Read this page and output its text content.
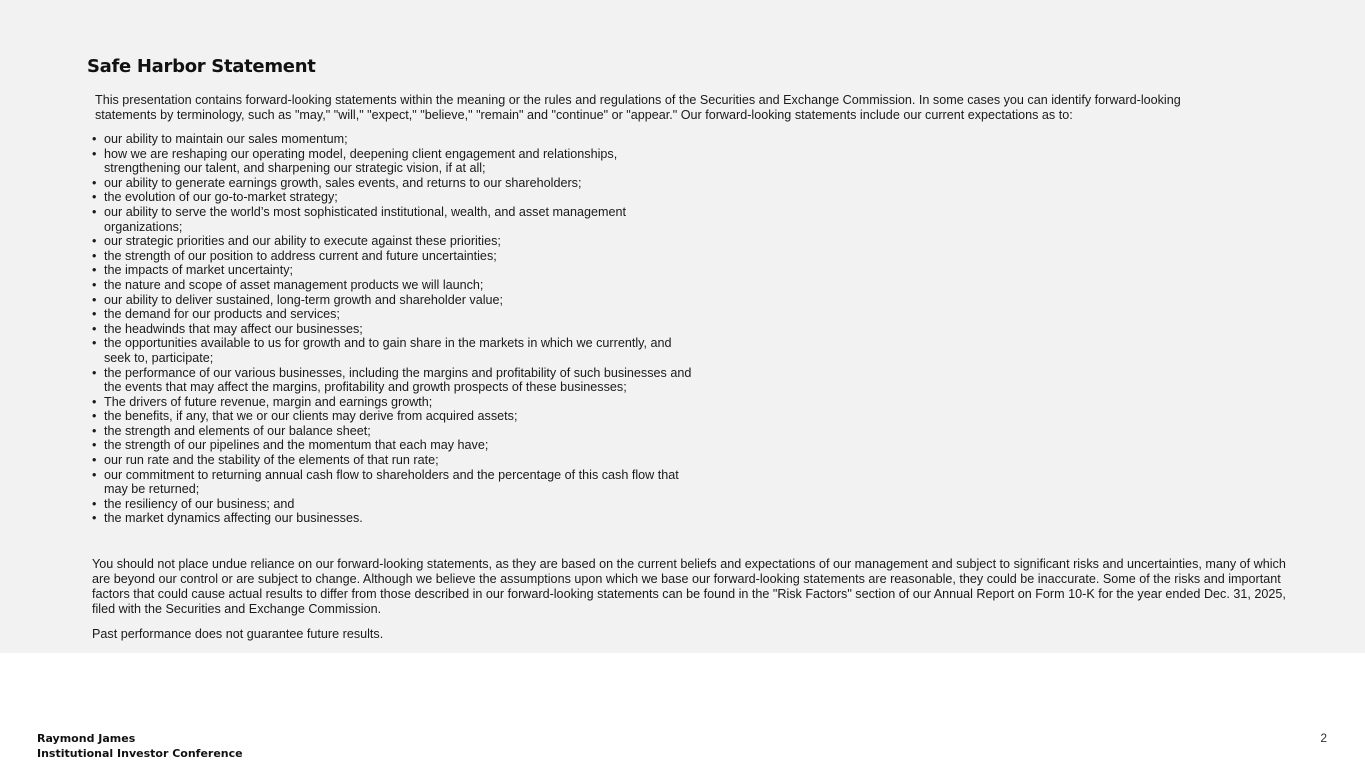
Safe Harbor Statement

This presentation contains forward-looking statements within the meaning or the rules and regulations of the Securities and Exchange Commission. In some cases you can identify forward-looking statements by terminology, such as "may," "will," "expect," "believe," "remain" and "continue" or "appear." Our forward-looking statements include our current expectations as to:

• our ability to maintain our sales momentum;
• how we are reshaping our operating model, deepening client engagement and relationships, strengthening our talent, and sharpening our strategic vision, if at all;
• our ability to generate earnings growth, sales events, and returns to our shareholders;
• the evolution of our go-to-market strategy;
• our ability to serve the world’s most sophisticated institutional, wealth, and asset management organizations;
• our strategic priorities and our ability to execute against these priorities;
• the strength of our position to address current and future uncertainties;
• the impacts of market uncertainty;
• the nature and scope of asset management products we will launch;
• our ability to deliver sustained, long-term growth and shareholder value;
• the demand for our products and services;
• the headwinds that may affect our businesses;
• the opportunities available to us for growth and to gain share in the markets in which we currently, and seek to, participate;
• the performance of our various businesses, including the margins and profitability of such businesses and the events that may affect the margins, profitability and growth prospects of these businesses;
• The drivers of future revenue, margin and earnings growth;
• the benefits, if any, that we or our clients may derive from acquired assets;
• the strength and elements of our balance sheet;
• the strength of our pipelines and the momentum that each may have;
• our run rate and the stability of the elements of that run rate;
• our commitment to returning annual cash flow to shareholders and the percentage of this cash flow that may be returned;
• the resiliency of our business; and
• the market dynamics affecting our businesses.

You should not place undue reliance on our forward-looking statements, as they are based on the current beliefs and expectations of our management and subject to significant risks and uncertainties, many of which are beyond our control or are subject to change. Although we believe the assumptions upon which we base our forward-looking statements are reasonable, they could be inaccurate. Some of the risks and important factors that could cause actual results to differ from those described in our forward-looking statements can be found in the "Risk Factors" section of our Annual Report on Form 10-K for the year ended Dec. 31, 2025, filed with the Securities and Exchange Commission.

Past performance does not guarantee future results.

Raymond James
Institutional Investor Conference
2
